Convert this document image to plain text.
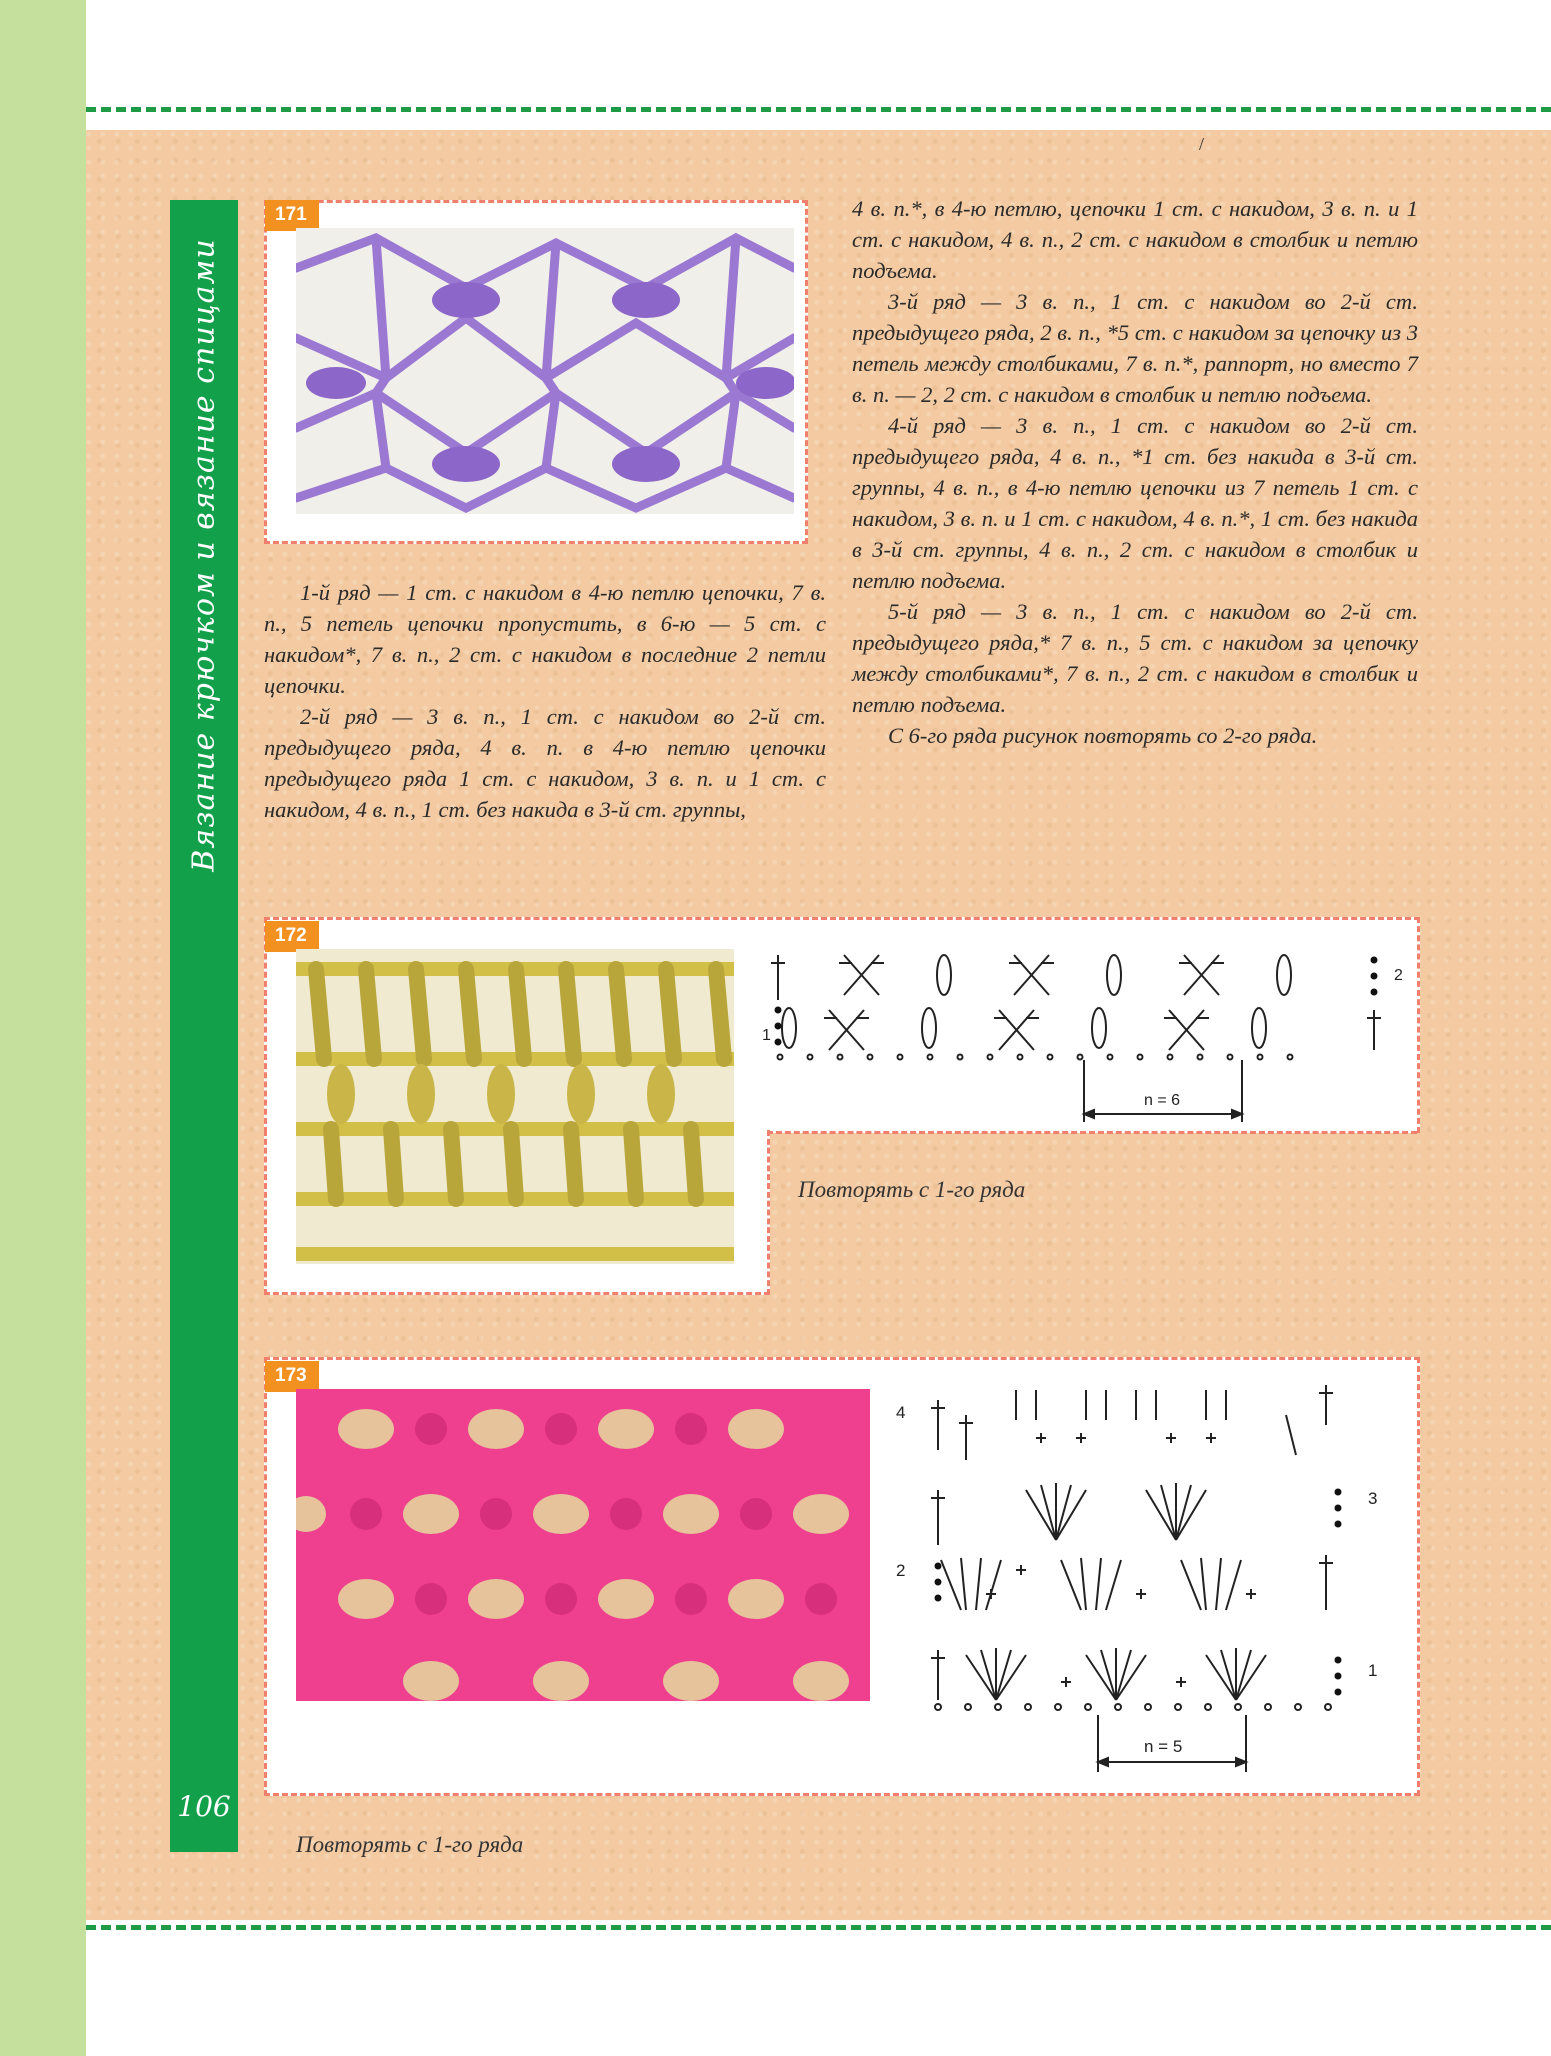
/
Вязание крючком и вязание спицами
106
171

1-й ряд — 1 ст. с накидом в 4-ю петлю цепочки, 7 в. п., 5 петель цепочки пропустить, в 6-ю — 5 ст. с накидом*, 7 в. п., 2 ст. с накидом в последние 2 петли цепочки.

2-й ряд — 3 в. п., 1 ст. с накидом во 2-й ст. предыдущего ряда, 4 в. п. в 4-ю петлю цепочки предыдущего ряда 1 ст. с накидом, 3 в. п. и 1 ст. с накидом, 4 в. п., 1 ст. без накида в 3-й ст. группы,

4 в. п.*, в 4-ю петлю, цепочки 1 ст. с накидом, 3 в. п. и 1 ст. с накидом, 4 в. п., 2 ст. с накидом в столбик и петлю подъема.

3-й ряд — 3 в. п., 1 ст. с накидом во 2-й ст. предыдущего ряда, 2 в. п., *5 ст. с накидом за цепочку из 3 петель между столбиками, 7 в. п.*, раппорт, но вместо 7 в. п. — 2, 2 ст. с накидом в столбик и петлю подъема.

4-й ряд — 3 в. п., 1 ст. с накидом во 2-й ст. предыдущего ряда, 4 в. п., *1 ст. без накида в 3-й ст. группы, 4 в. п., в 4-ю петлю цепочки из 7 петель 1 ст. с накидом, 3 в. п. и 1 ст. с накидом, 4 в. п.*, 1 ст. без накида в 3-й ст. группы, 4 в. п., 2 ст. с накидом в столбик и петлю подъема.

5-й ряд — 3 в. п., 1 ст. с накидом во 2-й ст. предыдущего ряда,* 7 в. п., 5 ст. с накидом за цепочку между столбиками*, 7 в. п., 2 ст. с накидом в столбик и петлю подъема.

С 6-го ряда рисунок повторять со 2-го ряда.

172
1
2
n = 6
Повторять с 1-го ряда
173
4
3
2
1
n = 5
Повторять с 1-го ряда
